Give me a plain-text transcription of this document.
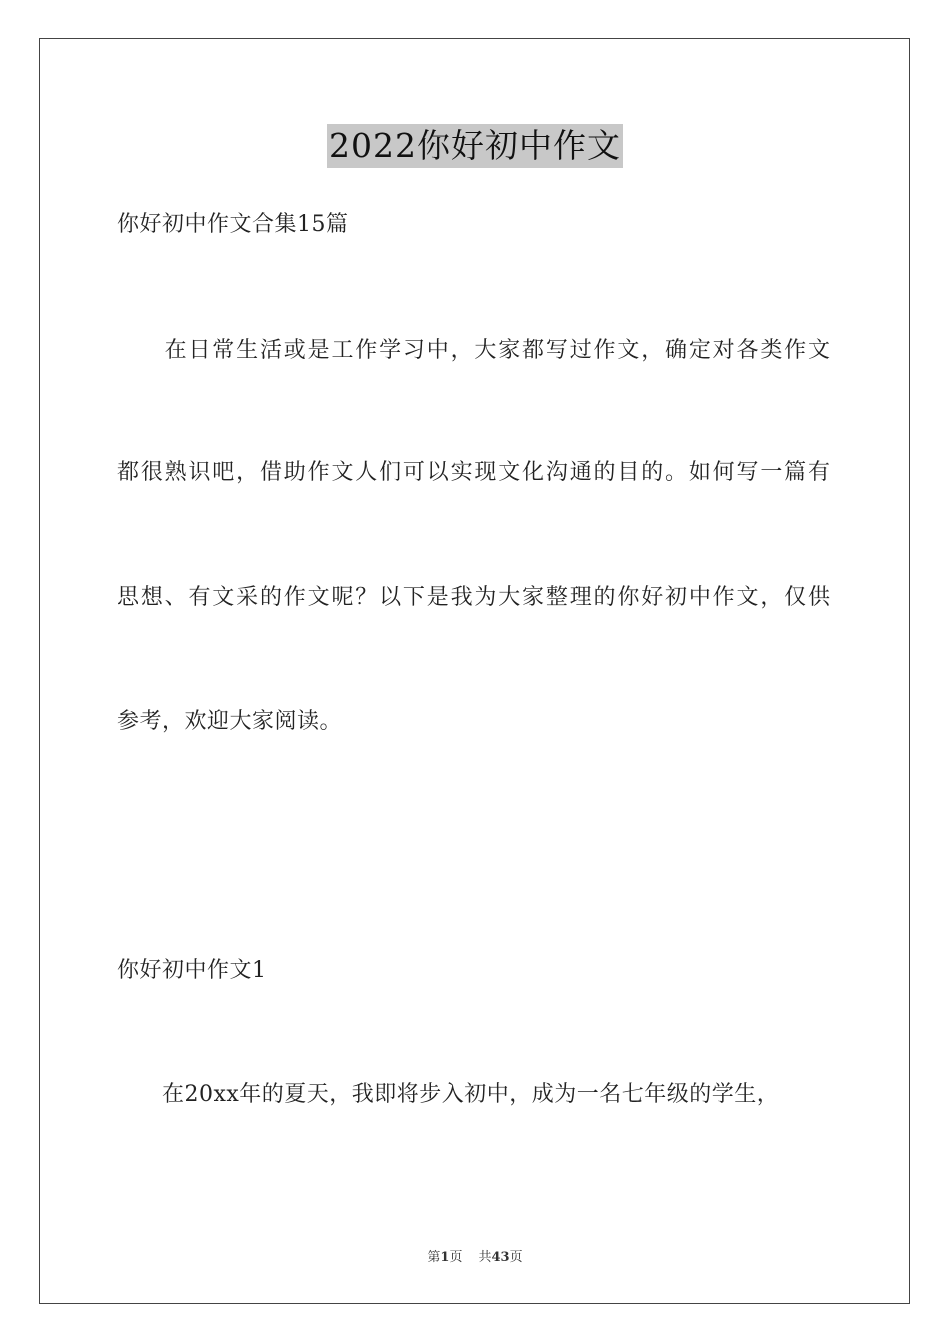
2022你好初中作文
你好初中作文合集15篇
　　在日常生活或是工作学习中，大家都写过作文，确定对各类作文
都很熟识吧，借助作文人们可以实现文化沟通的目的。如何写一篇有
思想、有文采的作文呢？以下是我为大家整理的你好初中作文，仅供
参考，欢迎大家阅读。
你好初中作文1
　　在20xx年的夏天，我即将步入初中，成为一名七年级的学生，
第1页 共43页
